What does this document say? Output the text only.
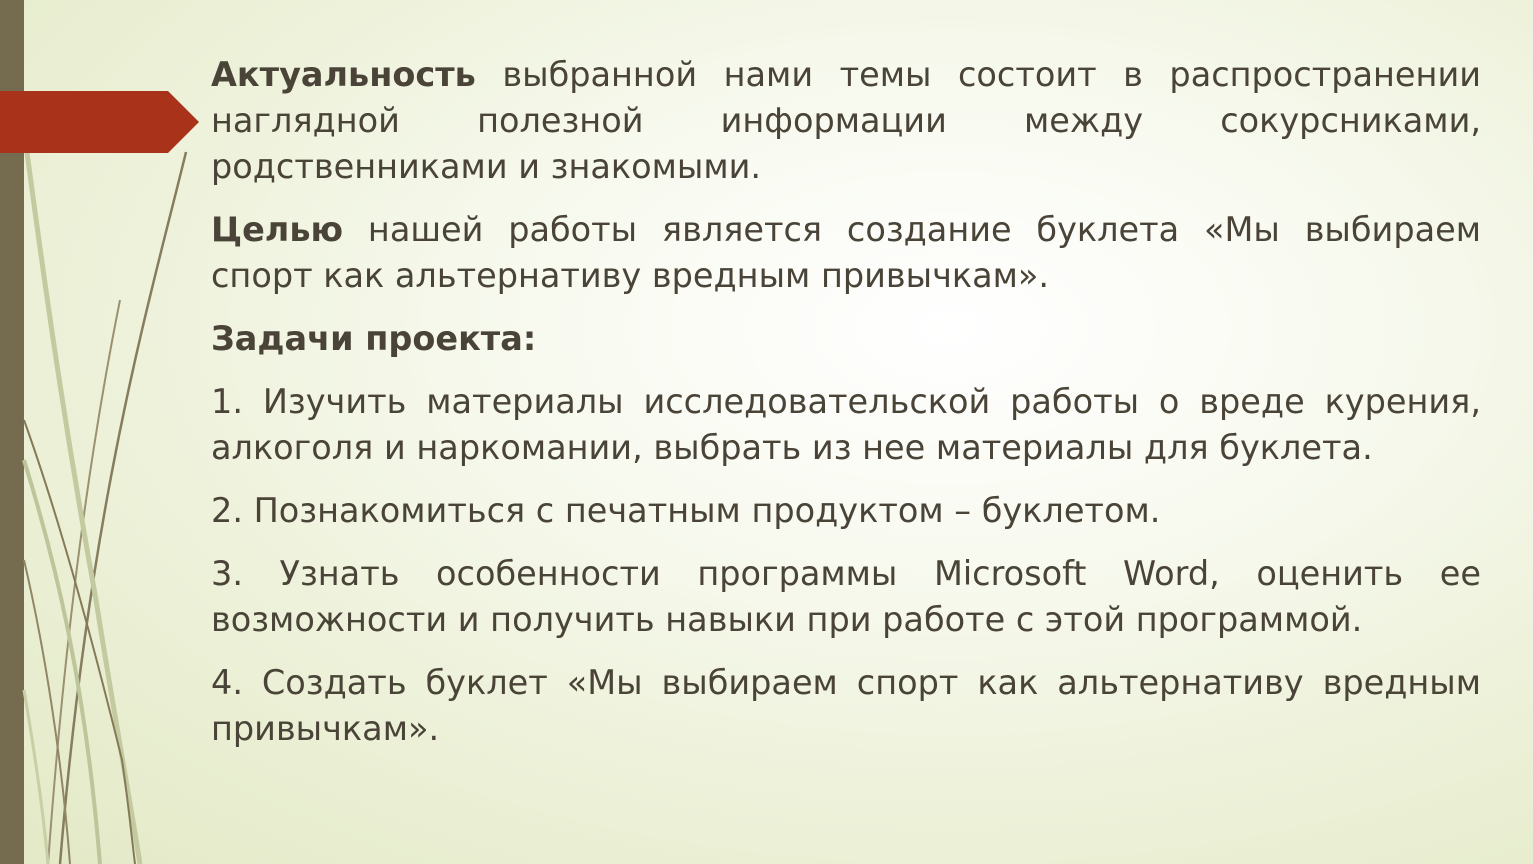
Актуальность выбранной нами темы состоит в распространении наглядной полезной информации между сокурсниками, родственниками и знакомыми.

Целью нашей работы является создание буклета «Мы выбираем спорт как альтернативу вредным привычкам».

Задачи проекта:

1. Изучить материалы исследовательской работы о вреде курения, алкоголя и наркомании, выбрать из нее материалы для буклета.

2. Познакомиться с печатным продуктом – буклетом.

3. Узнать особенности программы Microsoft Word, оценить ее возможности и получить навыки при работе с этой программой.

4. Создать буклет «Мы выбираем спорт как альтернативу вредным привычкам».
